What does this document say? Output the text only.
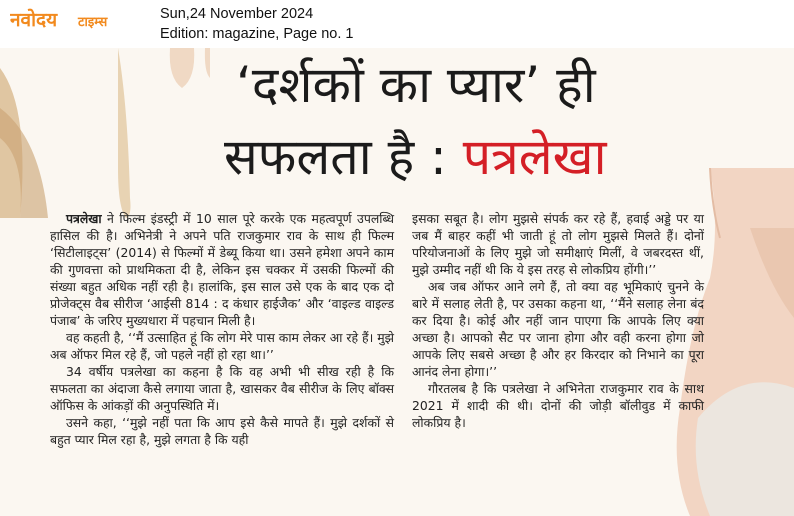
नवोदय टाइम्स
Sun,24 November 2024
Edition: magazine, Page no. 1
‘दर्शकों का प्यार’ ही
सफलता है : पत्रलेखा

पत्रलेखा ने फिल्म इंडस्ट्री में 10 साल पूरे करके एक महत्वपूर्ण उपलब्धि हासिल की है। अभिनेत्री ने अपने पति राजकुमार राव के साथ ही फिल्म ‘सिटीलाइट्स’ (2014) से फिल्मों में डेब्यू किया था। उसने हमेशा अपने काम की गुणवत्ता को प्राथमिकता दी है, लेकिन इस चक्कर में उसकी फिल्मों की संख्या बहुत अधिक नहीं रही है। हालांकि, इस साल उसे एक के बाद एक दो प्रोजेक्ट्स वैब सीरीज ‘आईसी 814 : द कंधार हाईजैक’ और ‘वाइल्ड वाइल्ड पंजाब’ के जरिए मुख्यधारा में पहचान मिली है।

वह कहती है, ‘‘मैं उत्साहित हूं कि लोग मेरे पास काम लेकर आ रहे हैं। मुझे अब ऑफर मिल रहे हैं, जो पहले नहीं हो रहा था।’’

34 वर्षीय पत्रलेखा का कहना है कि वह अभी भी सीख रही है कि सफलता का अंदाजा कैसे लगाया जाता है, खासकर वैब सीरीज के लिए बॉक्स ऑफिस के आंकड़ों की अनुपस्थिति में।

उसने कहा, ‘‘मुझे नहीं पता कि आप इसे कैसे मापते हैं। मुझे दर्शकों से बहुत प्यार मिल रहा है, मुझे लगता है कि यही

इसका सबूत है। लोग मुझसे संपर्क कर रहे हैं, हवाई अड्डे पर या जब मैं बाहर कहीं भी जाती हूं तो लोग मुझसे मिलते हैं। दोनों परियोजनाओं के लिए मुझे जो समीक्षाएं मिलीं, वे जबरदस्त थीं, मुझे उम्मीद नहीं थी कि ये इस तरह से लोकप्रिय होंगी।’’

अब जब ऑफर आने लगे हैं, तो क्या वह भूमिकाएं चुनने के बारे में सलाह लेती है, पर उसका कहना था, ‘‘मैंने सलाह लेना बंद कर दिया है। कोई और नहीं जान पाएगा कि आपके लिए क्या अच्छा है। आपको सैट पर जाना होगा और वही करना होगा जो आपके लिए सबसे अच्छा है और हर किरदार को निभाने का पूरा आनंद लेना होगा।’’

गौरतलब है कि पत्रलेखा ने अभिनेता राजकुमार राव के साथ 2021 में शादी की थी। दोनों की जोड़ी बॉलीवुड में काफी लोकप्रिय है।
